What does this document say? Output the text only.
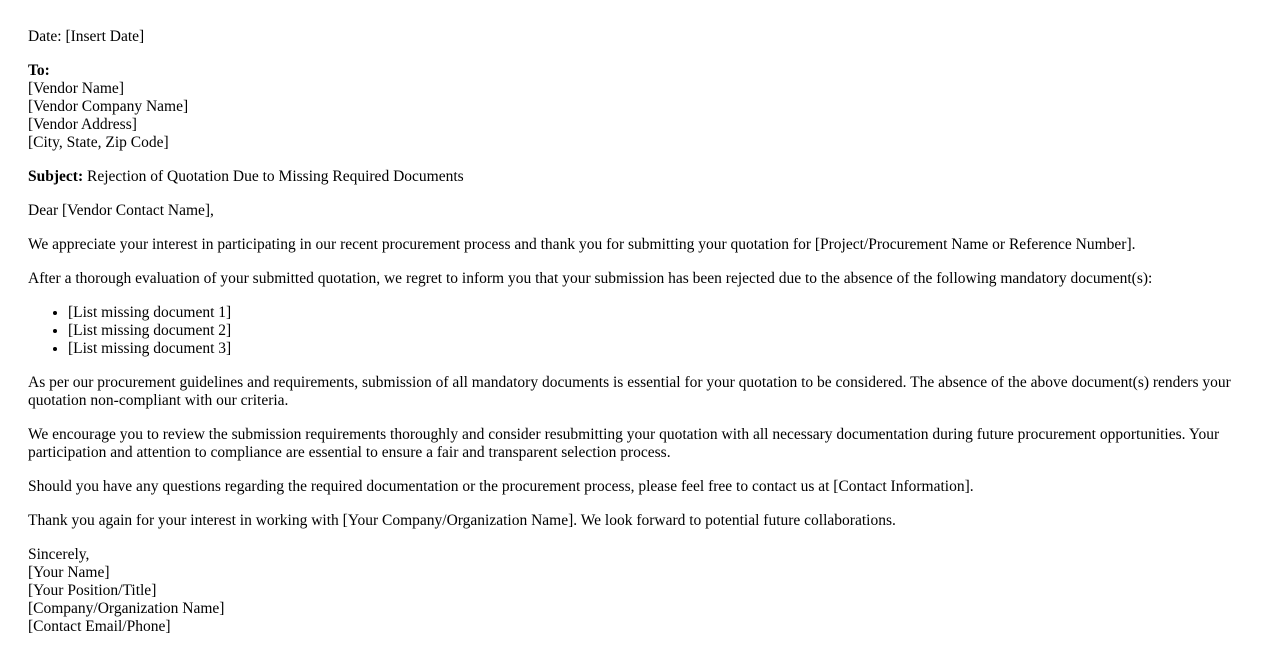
Date: [Insert Date]

To:
[Vendor Name]
[Vendor Company Name]
[Vendor Address]
[City, State, Zip Code]

Subject: Rejection of Quotation Due to Missing Required Documents

Dear [Vendor Contact Name],

We appreciate your interest in participating in our recent procurement process and thank you for submitting your quotation for [Project/Procurement Name or Reference Number].

After a thorough evaluation of your submitted quotation, we regret to inform you that your submission has been rejected due to the absence of the following mandatory document(s):

• [List missing document 1]
• [List missing document 2]
• [List missing document 3]

As per our procurement guidelines and requirements, submission of all mandatory documents is essential for your quotation to be considered. The absence of the above document(s) renders your quotation non-compliant with our criteria.

We encourage you to review the submission requirements thoroughly and consider resubmitting your quotation with all necessary documentation during future procurement opportunities. Your participation and attention to compliance are essential to ensure a fair and transparent selection process.

Should you have any questions regarding the required documentation or the procurement process, please feel free to contact us at [Contact Information].

Thank you again for your interest in working with [Your Company/Organization Name]. We look forward to potential future collaborations.

Sincerely,
[Your Name]
[Your Position/Title]
[Company/Organization Name]
[Contact Email/Phone]
